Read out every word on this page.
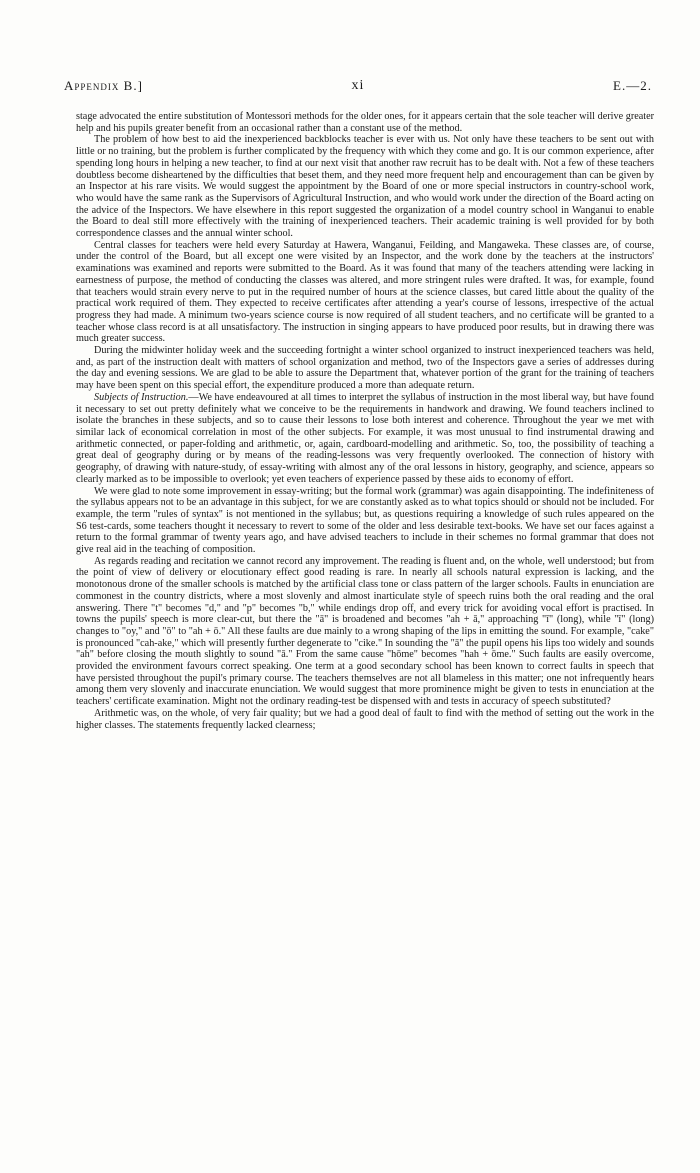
Appendix B.]	xi	E.—2.

stage advocated the entire substitution of Montessori methods for the older ones, for it appears certain that the sole teacher will derive greater help and his pupils greater benefit from an occasional rather than a constant use of the method.

The problem of how best to aid the inexperienced backblocks teacher is ever with us. Not only have these teachers to be sent out with little or no training, but the problem is further complicated by the frequency with which they come and go. It is our common experience, after spending long hours in helping a new teacher, to find at our next visit that another raw recruit has to be dealt with. Not a few of these teachers doubtless become disheartened by the difficulties that beset them, and they need more frequent help and encouragement than can be given by an Inspector at his rare visits. We would suggest the appointment by the Board of one or more special instructors in country-school work, who would have the same rank as the Supervisors of Agricultural Instruction, and who would work under the direction of the Board acting on the advice of the Inspectors. We have elsewhere in this report suggested the organization of a model country school in Wanganui to enable the Board to deal still more effectively with the training of inexperienced teachers. Their academic training is well provided for by both correspondence classes and the annual winter school.

Central classes for teachers were held every Saturday at Hawera, Wanganui, Feilding, and Mangaweka. These classes are, of course, under the control of the Board, but all except one were visited by an Inspector, and the work done by the teachers at the instructors' examinations was examined and reports were submitted to the Board. As it was found that many of the teachers attending were lacking in earnestness of purpose, the method of conducting the classes was altered, and more stringent rules were drafted. It was, for example, found that teachers would strain every nerve to put in the required number of hours at the science classes, but cared little about the quality of the practical work required of them. They expected to receive certificates after attending a year's course of lessons, irrespective of the actual progress they had made. A minimum two-years science course is now required of all student teachers, and no certificate will be granted to a teacher whose class record is at all unsatisfactory. The instruction in singing appears to have produced poor results, but in drawing there was much greater success.

During the midwinter holiday week and the succeeding fortnight a winter school organized to instruct inexperienced teachers was held, and, as part of the instruction dealt with matters of school organization and method, two of the Inspectors gave a series of addresses during the day and evening sessions. We are glad to be able to assure the Department that, whatever portion of the grant for the training of teachers may have been spent on this special effort, the expenditure produced a more than adequate return.

Subjects of Instruction.—We have endeavoured at all times to interpret the syllabus of instruction in the most liberal way, but have found it necessary to set out pretty definitely what we conceive to be the requirements in handwork and drawing. We found teachers inclined to isolate the branches in these subjects, and so to cause their lessons to lose both interest and coherence. Throughout the year we met with similar lack of economical correlation in most of the other subjects. For example, it was most unusual to find instrumental drawing and arithmetic connected, or paper-folding and arithmetic, or, again, cardboard-modelling and arithmetic. So, too, the possibility of teaching a great deal of geography during or by means of the reading-lessons was very frequently overlooked. The connection of history with geography, of drawing with nature-study, of essay-writing with almost any of the oral lessons in history, geography, and science, appears so clearly marked as to be impossible to overlook; yet even teachers of experience passed by these aids to economy of effort.

We were glad to note some improvement in essay-writing; but the formal work (grammar) was again disappointing. The indefiniteness of the syllabus appears not to be an advantage in this subject, for we are constantly asked as to what topics should or should not be included. For example, the term "rules of syntax" is not mentioned in the syllabus; but, as questions requiring a knowledge of such rules appeared on the S6 test-cards, some teachers thought it necessary to revert to some of the older and less desirable text-books. We have set our faces against a return to the formal grammar of twenty years ago, and have advised teachers to include in their schemes no formal grammar that does not give real aid in the teaching of composition.

As regards reading and recitation we cannot record any improvement. The reading is fluent and, on the whole, well understood; but from the point of view of delivery or elocutionary effect good reading is rare. In nearly all schools natural expression is lacking, and the monotonous drone of the smaller schools is matched by the artificial class tone or class pattern of the larger schools. Faults in enunciation are commonest in the country districts, where a most slovenly and almost inarticulate style of speech ruins both the oral reading and the oral answering. There "t" becomes "d," and "p" becomes "b," while endings drop off, and every trick for avoiding vocal effort is practised. In towns the pupils' speech is more clear-cut, but there the "ā" is broadened and becomes "ah + ā," approaching "ī" (long), while "ī" (long) changes to "oy," and "ō" to "ah + ō." All these faults are due mainly to a wrong shaping of the lips in emitting the sound. For example, "cake" is pronounced "cah-ake," which will presently further degenerate to "cike." In sounding the "ā" the pupil opens his lips too widely and sounds "ah" before closing the mouth slightly to sound "ā." From the same cause "hōme" becomes "hah + ōme." Such faults are easily overcome, provided the environment favours correct speaking. One term at a good secondary school has been known to correct faults in speech that have persisted throughout the pupil's primary course. The teachers themselves are not all blameless in this matter; one not infrequently hears among them very slovenly and inaccurate enunciation. We would suggest that more prominence might be given to tests in enunciation at the teachers' certificate examination. Might not the ordinary reading-test be dispensed with and tests in accuracy of speech substituted?

Arithmetic was, on the whole, of very fair quality; but we had a good deal of fault to find with the method of setting out the work in the higher classes. The statements frequently lacked clearness;
